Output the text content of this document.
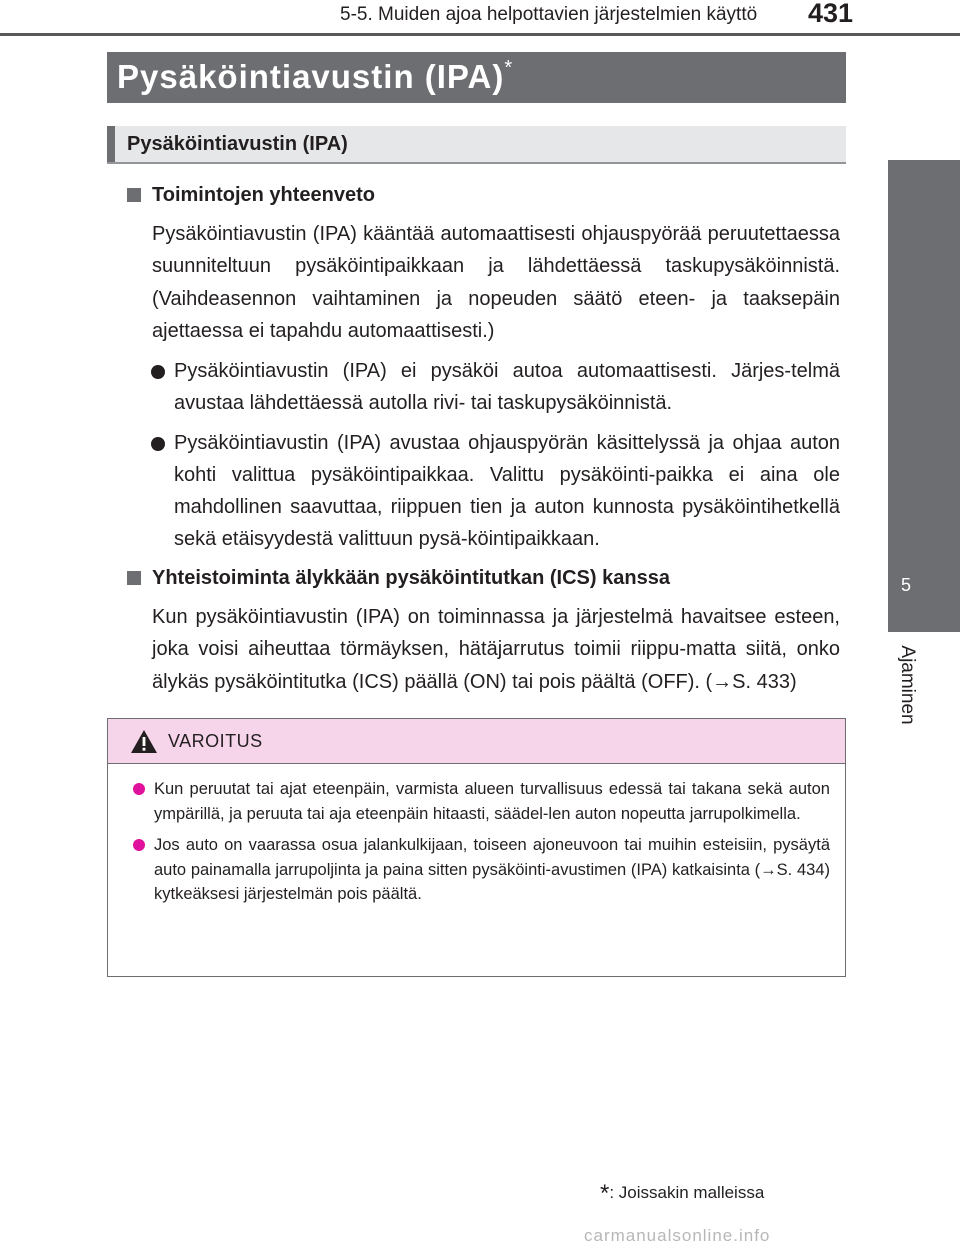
5-5. Muiden ajoa helpottavien järjestelmien käyttö 431
5
Ajaminen
Pysäköintiavustin (IPA)*
Pysäköintiavustin (IPA)
Toimintojen yhteenveto
Pysäköintiavustin (IPA) kääntää automaattisesti ohjauspyörää peruutettaessa suunniteltuun pysäköintipaikkaan ja lähdettäessä taskupysäköinnistä. (Vaihdeasennon vaihtaminen ja nopeuden säätö eteen- ja taaksepäin ajettaessa ei tapahdu automaattisesti.)
Pysäköintiavustin (IPA) ei pysäköi autoa automaattisesti. Järjes-telmä avustaa lähdettäessä autolla rivi- tai taskupysäköinnistä.
Pysäköintiavustin (IPA) avustaa ohjauspyörän käsittelyssä ja ohjaa auton kohti valittua pysäköintipaikkaa. Valittu pysäköinti-paikka ei aina ole mahdollinen saavuttaa, riippuen tien ja auton kunnosta pysäköintihetkellä sekä etäisyydestä valittuun pysä-köintipaikkaan.
Yhteistoiminta älykkään pysäköintitutkan (ICS) kanssa
Kun pysäköintiavustin (IPA) on toiminnassa ja järjestelmä havaitsee esteen, joka voisi aiheuttaa törmäyksen, hätäjarrutus toimii riippu-matta siitä, onko älykäs pysäköintitutka (ICS) päällä (ON) tai pois päältä (OFF). (→S. 433)
VAROITUS
Kun peruutat tai ajat eteenpäin, varmista alueen turvallisuus edessä tai takana sekä auton ympärillä, ja peruuta tai aja eteenpäin hitaasti, säädel-len auton nopeutta jarrupolkimella.
Jos auto on vaarassa osua jalankulkijaan, toiseen ajoneuvoon tai muihin esteisiin, pysäytä auto painamalla jarrupoljinta ja paina sitten pysäköinti-avustimen (IPA) katkaisinta (→S. 434) kytkeäksesi järjestelmän pois päältä.
*: Joissakin malleissa
carmanualsonline.info
